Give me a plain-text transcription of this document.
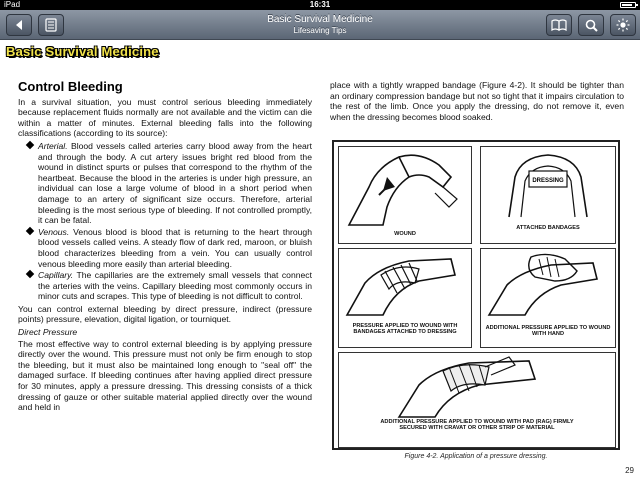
iPad	16:31
Basic Survival Medicine
Lifesaving Tips
Basic Survival Medicine
Control Bleeding

In a survival situation, you must control serious bleeding immediately because replacement fluids normally are not available and the victim can die within a matter of minutes. External bleeding falls into the following classifications (according to its source):

Arterial. Blood vessels called arteries carry blood away from the heart and through the body. A cut artery issues bright red blood from the wound in distinct spurts or pulses that correspond to the rhythm of the heartbeat. Because the blood in the arteries is under high pressure, an individual can lose a large volume of blood in a short period when damage to an artery of significant size occurs. Therefore, arterial bleeding is the most serious type of bleeding. If not controlled promptly, it can be fatal.
Venous. Venous blood is blood that is returning to the heart through blood vessels called veins. A steady flow of dark red, maroon, or bluish blood characterizes bleeding from a vein. You can usually control venous bleeding more easily than arterial bleeding.
Capillary. The capillaries are the extremely small vessels that connect the arteries with the veins. Capillary bleeding most commonly occurs in minor cuts and scrapes. This type of bleeding is not difficult to control.

You can control external bleeding by direct pressure, indirect (pressure points) pressure, elevation, digital ligation, or tourniquet.

Direct Pressure

The most effective way to control external bleeding is by applying pressure directly over the wound. This pressure must not only be firm enough to stop the bleeding, but it must also be maintained long enough to "seal off" the damaged surface. If bleeding continues after having applied direct pressure for 30 minutes, apply a pressure dressing. This dressing consists of a thick dressing of gauze or other suitable material applied directly over the wound and held in

place with a tightly wrapped bandage (Figure 4-2). It should be tighter than an ordinary compression bandage but not so tight that it impairs circulation to the rest of the limb. Once you apply the dressing, do not remove it, even when the dressing becomes blood soaked.

WOUND
DRESSING
ATTACHED BANDAGES
PRESSURE APPLIED TO WOUND WITH BANDAGES ATTACHED TO DRESSING
ADDITIONAL PRESSURE APPLIED TO WOUND WITH HAND
ADDITIONAL PRESSURE APPLIED TO WOUND WITH PAD (RAG) FIRMLY SECURED WITH CRAVAT OR OTHER STRIP OF MATERIAL
Figure 4-2. Application of a pressure dressing.
29
